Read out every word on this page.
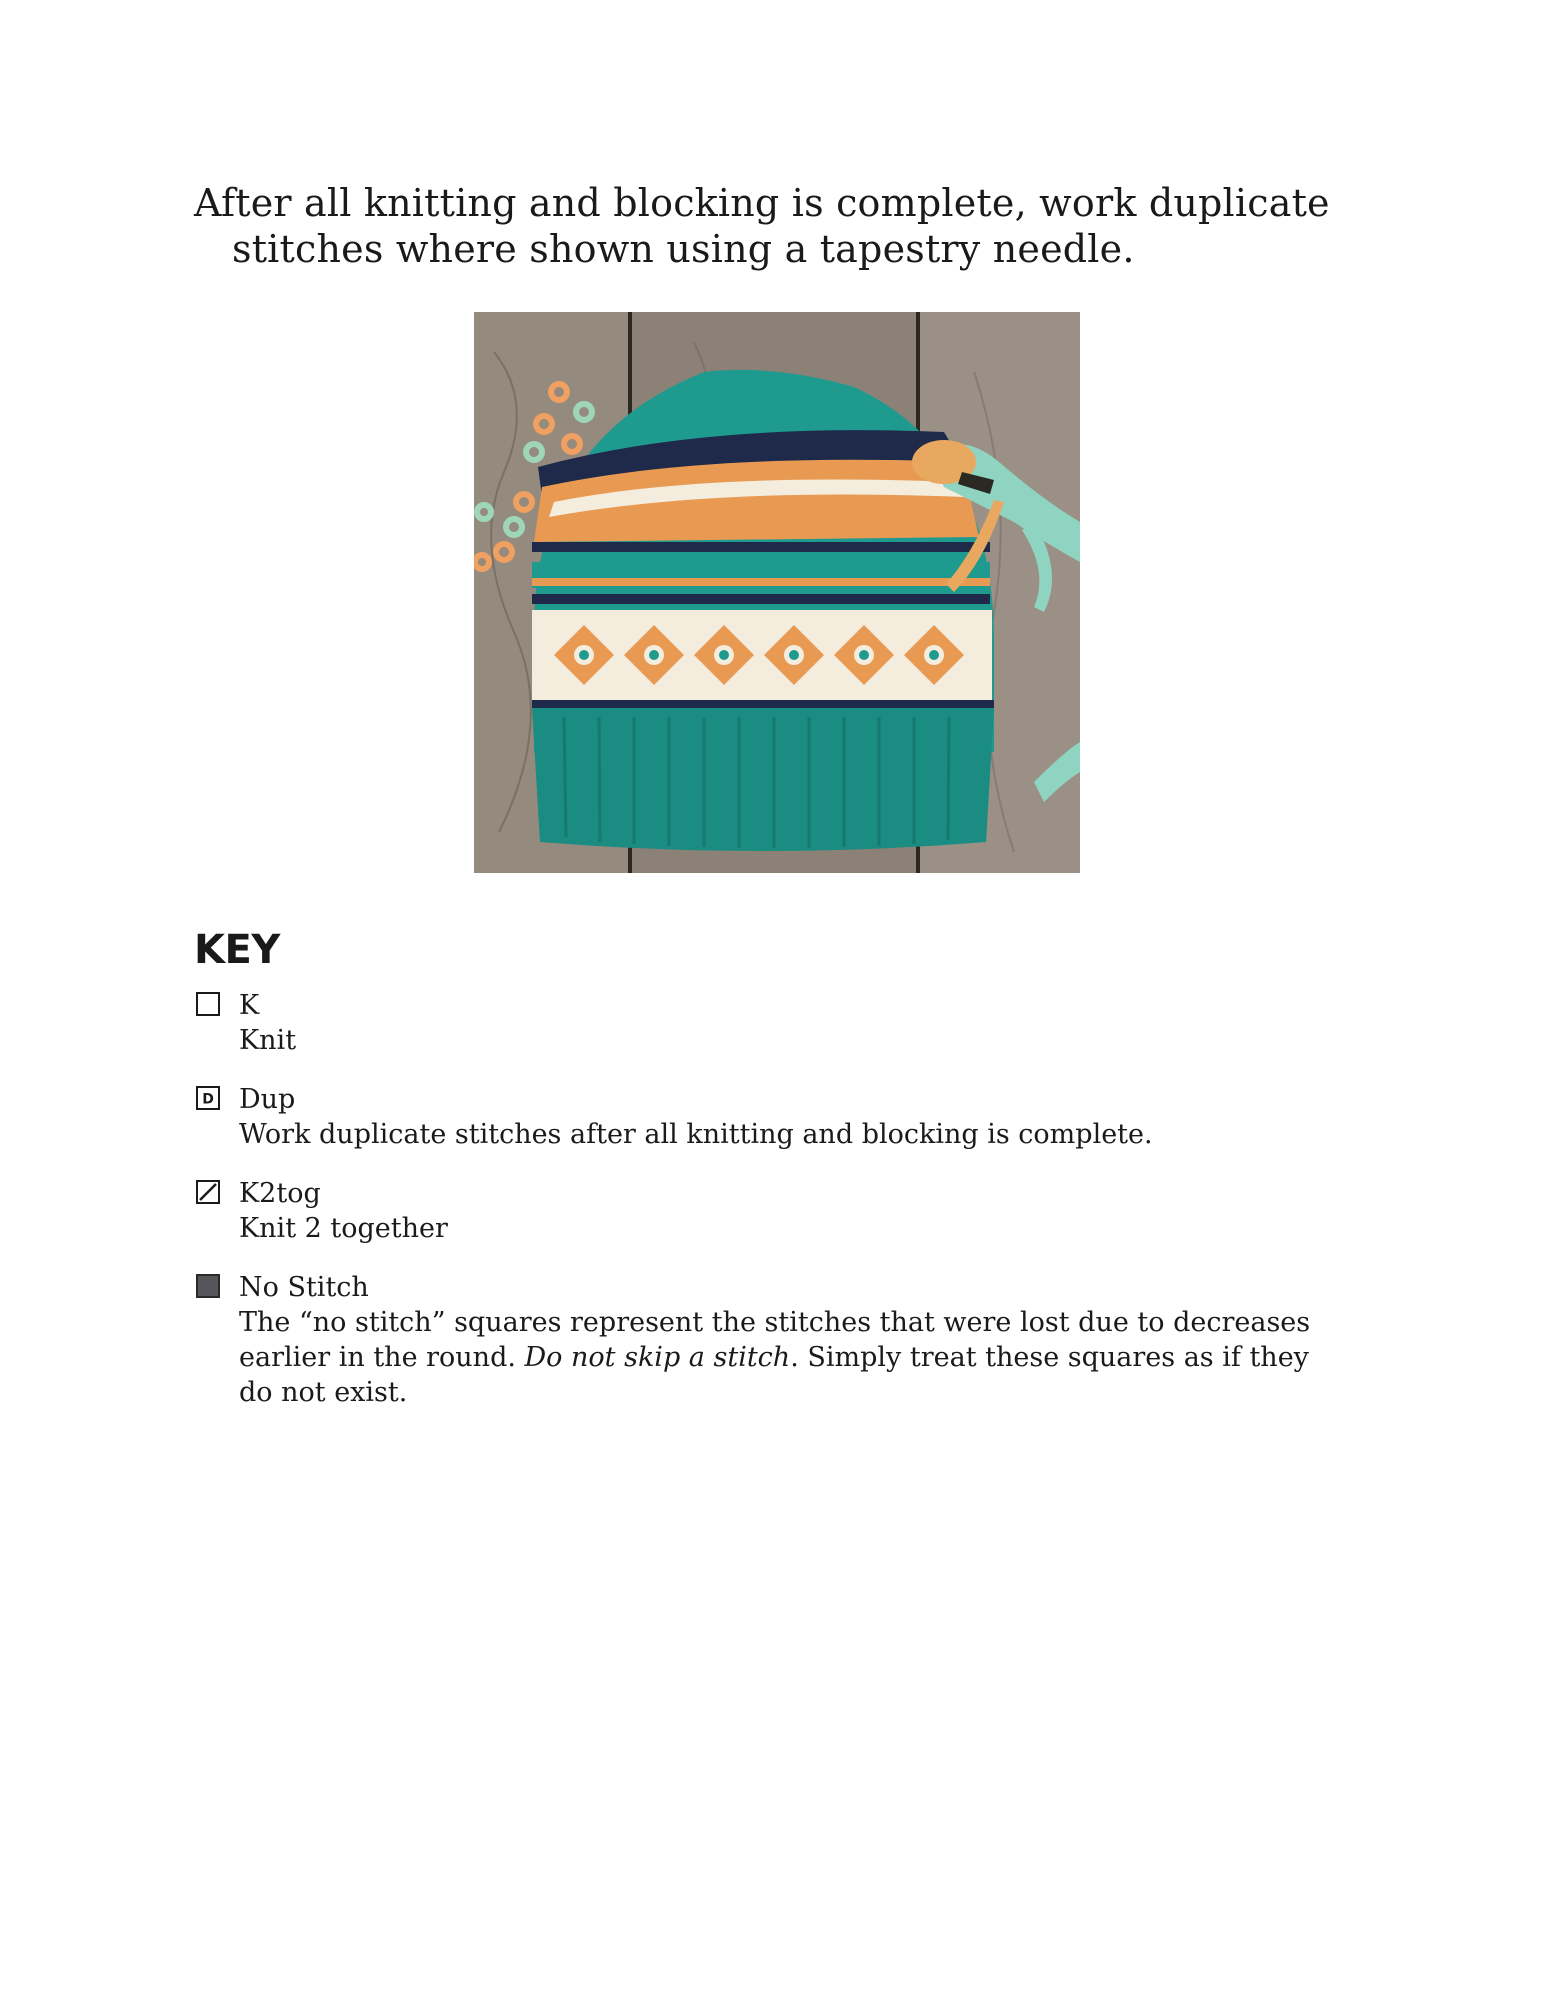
After all knitting and blocking is complete, work duplicate stitches where shown using a tapestry needle.

KEY
K
Knit
D Dup
Work duplicate stitches after all knitting and blocking is complete.
K2tog
Knit 2 together
No Stitch
The “no stitch” squares represent the stitches that were lost due to decreases earlier in the round. Do not skip a stitch. Simply treat these squares as if they do not exist.
